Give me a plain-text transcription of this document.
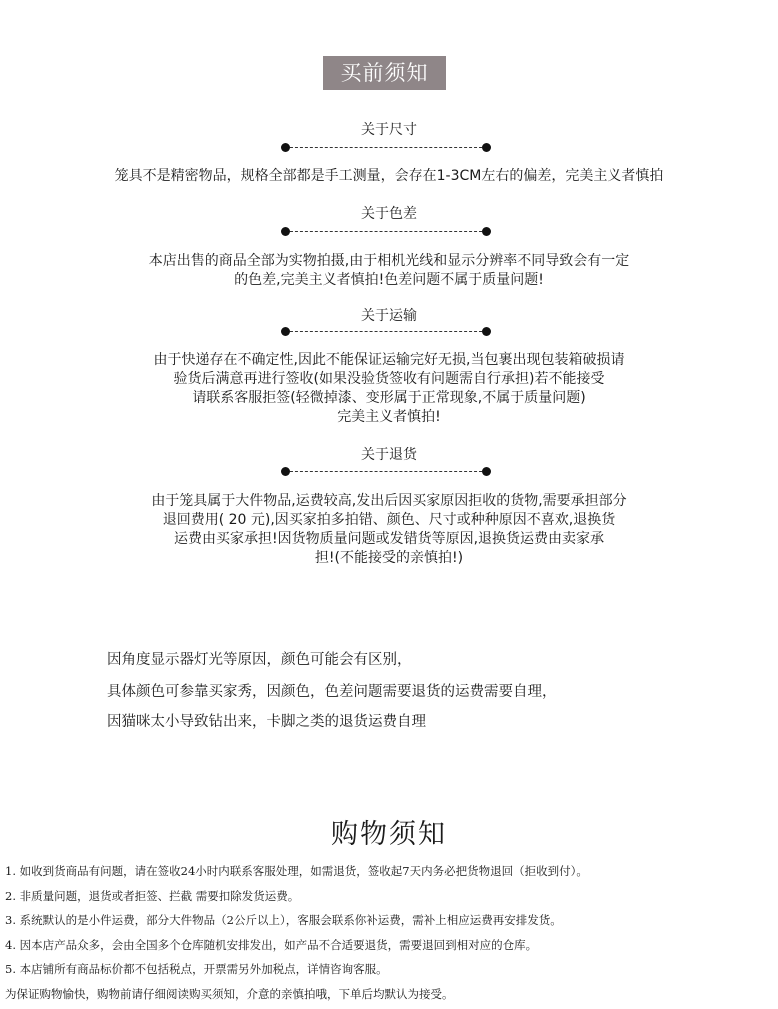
买前须知
关于尺寸
笼具不是精密物品，规格全部都是手工测量，会存在1-3CM左右的偏差，完美主义者慎拍
关于色差
本店出售的商品全部为实物拍摄,由于相机光线和显示分辨率不同导致会有一定
的色差,完美主义者慎拍!色差问题不属于质量问题!
关于运输
由于快递存在不确定性,因此不能保证运输完好无损,当包裹出现包装箱破损请
验货后满意再进行签收(如果没验货签收有问题需自行承担)若不能接受
请联系客服拒签(轻微掉漆、变形属于正常现象,不属于质量问题)
完美主义者慎拍!
关于退货
由于笼具属于大件物品,运费较高,发出后因买家原因拒收的货物,需要承担部分
退回费用( 20 元),因买家拍多拍错、颜色、尺寸或种种原因不喜欢,退换货
运费由买家承担!因货物质量问题或发错货等原因,退换货运费由卖家承
担!(不能接受的亲慎拍!)
因角度显示器灯光等原因，颜色可能会有区别，
具体颜色可参靠买家秀，因颜色，色差问题需要退货的运费需要自理，
因猫咪太小导致钻出来，卡脚之类的退货运费自理
购物须知
1. 如收到货商品有问题，请在签收24小时内联系客服处理，如需退货，签收起7天内务必把货物退回（拒收到付）。
2. 非质量问题，退货或者拒签、拦截 需要扣除发货运费。
3. 系统默认的是小件运费，部分大件物品（2公斤以上），客服会联系你补运费，需补上相应运费再安排发货。
4. 因本店产品众多，会由全国多个仓库随机安排发出，如产品不合适要退货，需要退回到相对应的仓库。
5. 本店铺所有商品标价都不包括税点，开票需另外加税点，详情咨询客服。
为保证购物愉快，购物前请仔细阅读购买须知，介意的亲慎拍哦，下单后均默认为接受。
